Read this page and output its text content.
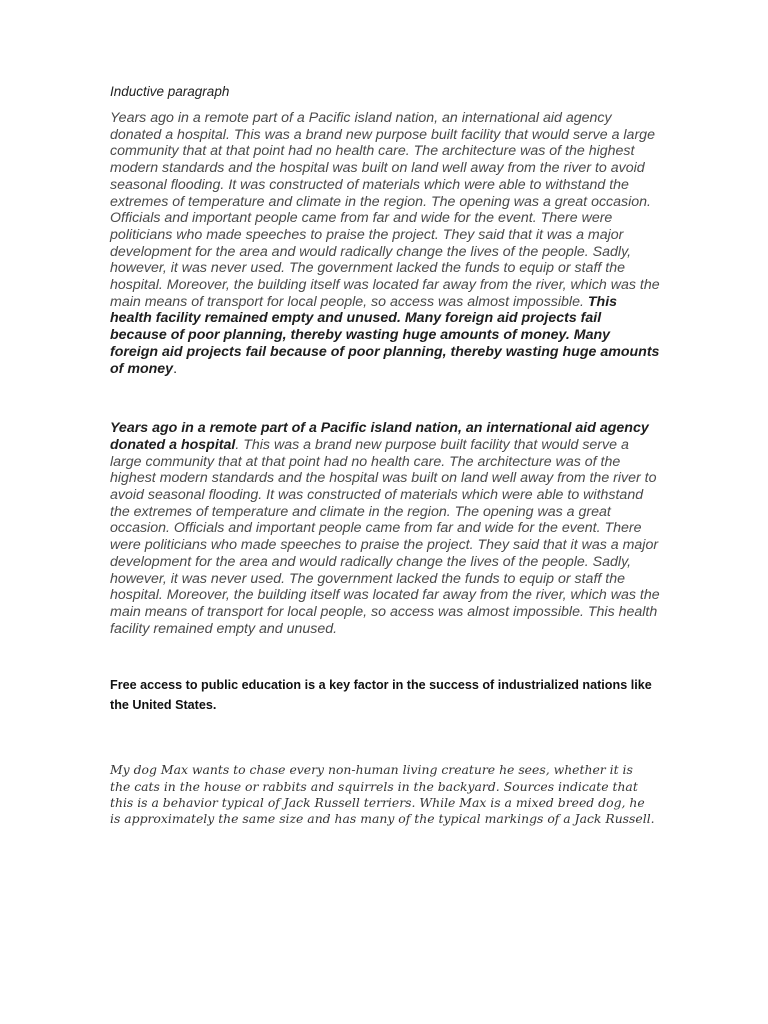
Inductive paragraph

Years ago in a remote part of a Pacific island nation, an international aid agency donated a hospital. This was a brand new purpose built facility that would serve a large community that at that point had no health care. The architecture was of the highest modern standards and the hospital was built on land well away from the river to avoid seasonal flooding. It was constructed of materials which were able to withstand the extremes of temperature and climate in the region. The opening was a great occasion. Officials and important people came from far and wide for the event. There were politicians who made speeches to praise the project. They said that it was a major development for the area and would radically change the lives of the people. Sadly, however, it was never used. The government lacked the funds to equip or staff the hospital. Moreover, the building itself was located far away from the river, which was the main means of transport for local people, so access was almost impossible. This health facility remained empty and unused. Many foreign aid projects fail because of poor planning, thereby wasting huge amounts of money. Many foreign aid projects fail because of poor planning, thereby wasting huge amounts of money.

Years ago in a remote part of a Pacific island nation, an international aid agency donated a hospital. This was a brand new purpose built facility that would serve a large community that at that point had no health care. The architecture was of the highest modern standards and the hospital was built on land well away from the river to avoid seasonal flooding. It was constructed of materials which were able to withstand the extremes of temperature and climate in the region. The opening was a great occasion. Officials and important people came from far and wide for the event. There were politicians who made speeches to praise the project. They said that it was a major development for the area and would radically change the lives of the people. Sadly, however, it was never used. The government lacked the funds to equip or staff the hospital. Moreover, the building itself was located far away from the river, which was the main means of transport for local people, so access was almost impossible. This health facility remained empty and unused.

Free access to public education is a key factor in the success of industrialized nations like the United States.

My dog Max wants to chase every non-human living creature he sees, whether it is the cats in the house or rabbits and squirrels in the backyard. Sources indicate that this is a behavior typical of Jack Russell terriers. While Max is a mixed breed dog, he is approximately the same size and has many of the typical markings of a Jack Russell.
